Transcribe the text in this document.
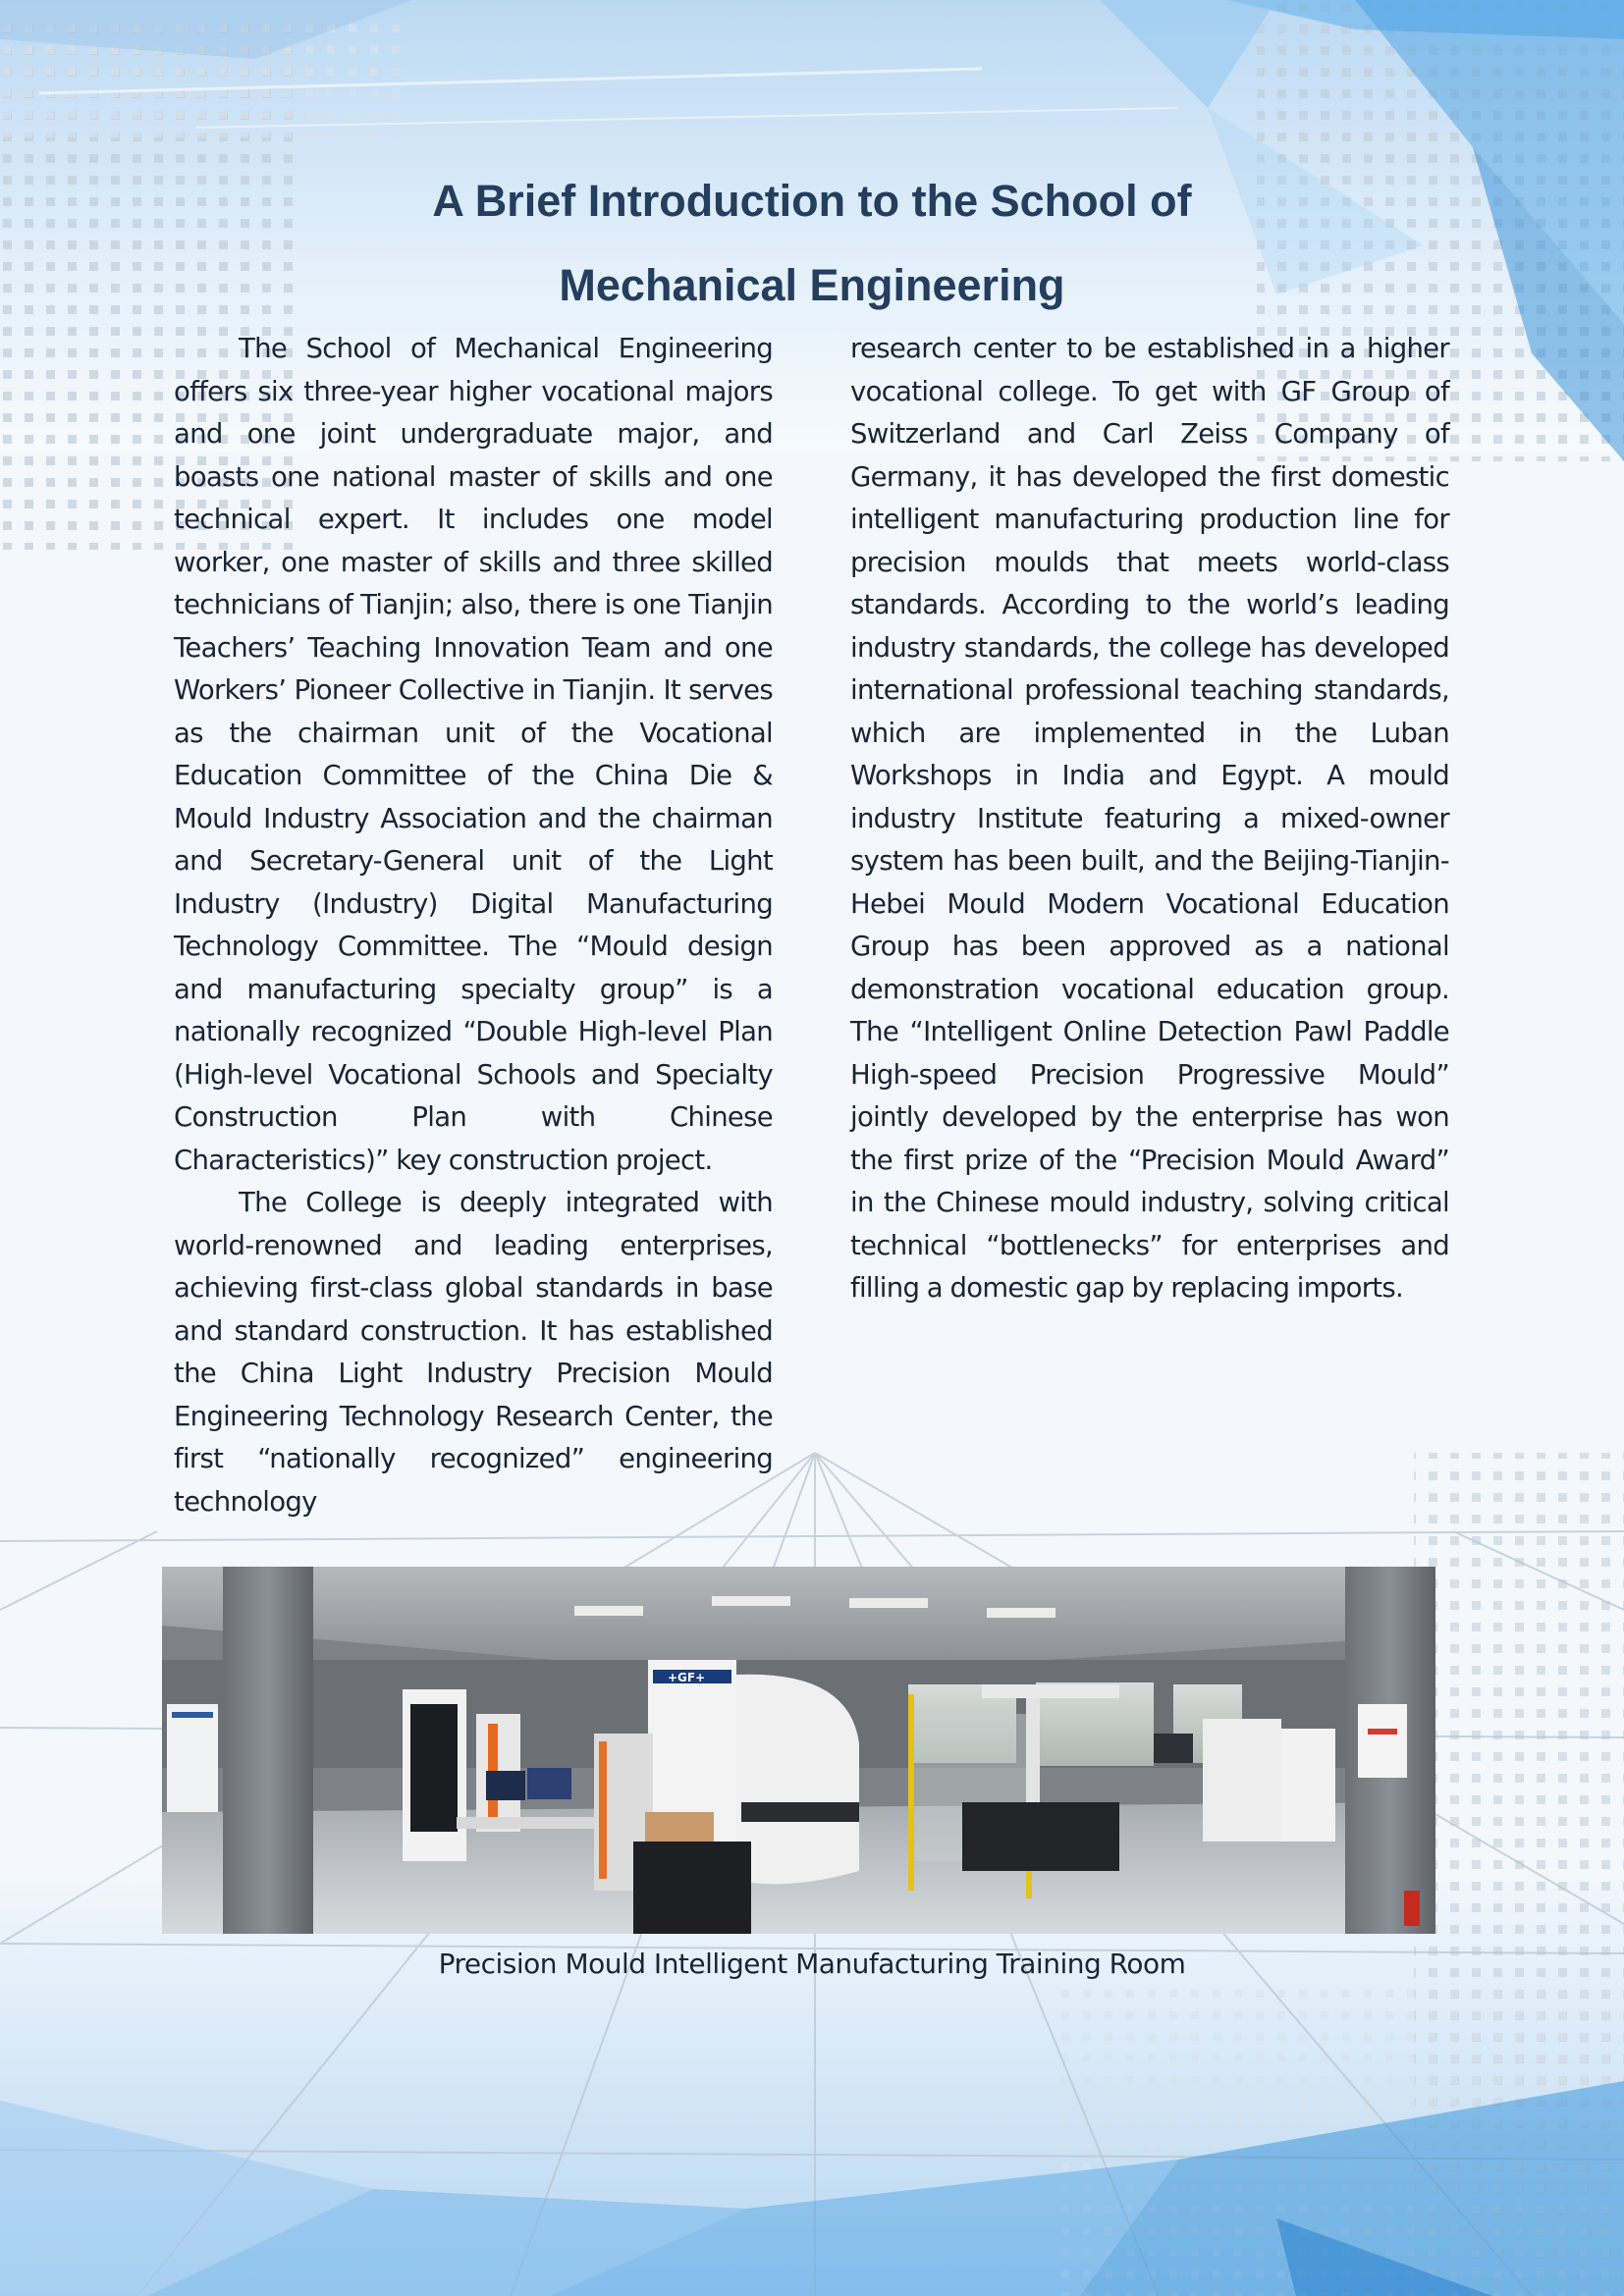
A Brief Introduction to the School of
Mechanical Engineering

The School of Mechanical Engineering offers six three-year higher vocational majors and one joint undergraduate major, and boasts one national master of skills and one technical expert. It includes one model worker, one master of skills and three skilled technicians of Tianjin; also, there is one Tianjin Teachers’ Teaching Innovation Team and one Workers’ Pioneer Collective in Tianjin. It serves as the chairman unit of the Vocational Education Committee of the China Die & Mould Industry Association and the chairman and Secretary-General unit of the Light Industry (Industry) Digital Manufacturing Technology Committee. The “Mould design and manufacturing specialty group” is a nationally recognized “Double High-level Plan (High-level Vocational Schools and Specialty Construction Plan with Chinese Characteristics)” key construction project.

The College is deeply integrated with world-renowned and leading enterprises, achieving first-class global standards in base and standard construction. It has established the China Light Industry Precision Mould Engineering Technology Research Center, the first “nationally recognized” engineering technology

research center to be established in a higher vocational college. To get with GF Group of Switzerland and Carl Zeiss Company of Germany, it has developed the first domestic intelligent manufacturing production line for precision moulds that meets world-class standards. According to the world’s leading industry standards, the college has developed international professional teaching standards, which are implemented in the Luban Workshops in India and Egypt. A mould industry Institute featuring a mixed-owner system has been built, and the Beijing-Tianjin-Hebei Mould Modern Vocational Education Group has been approved as a national demonstration vocational education group. The “Intelligent Online Detection Pawl Paddle High-speed Precision Progressive Mould” jointly developed by the enterprise has won the first prize of the “Precision Mould Award” in the Chinese mould industry, solving critical technical “bottlenecks” for enterprises and filling a domestic gap by replacing imports.

+GF+
Precision Mould Intelligent Manufacturing Training Room
